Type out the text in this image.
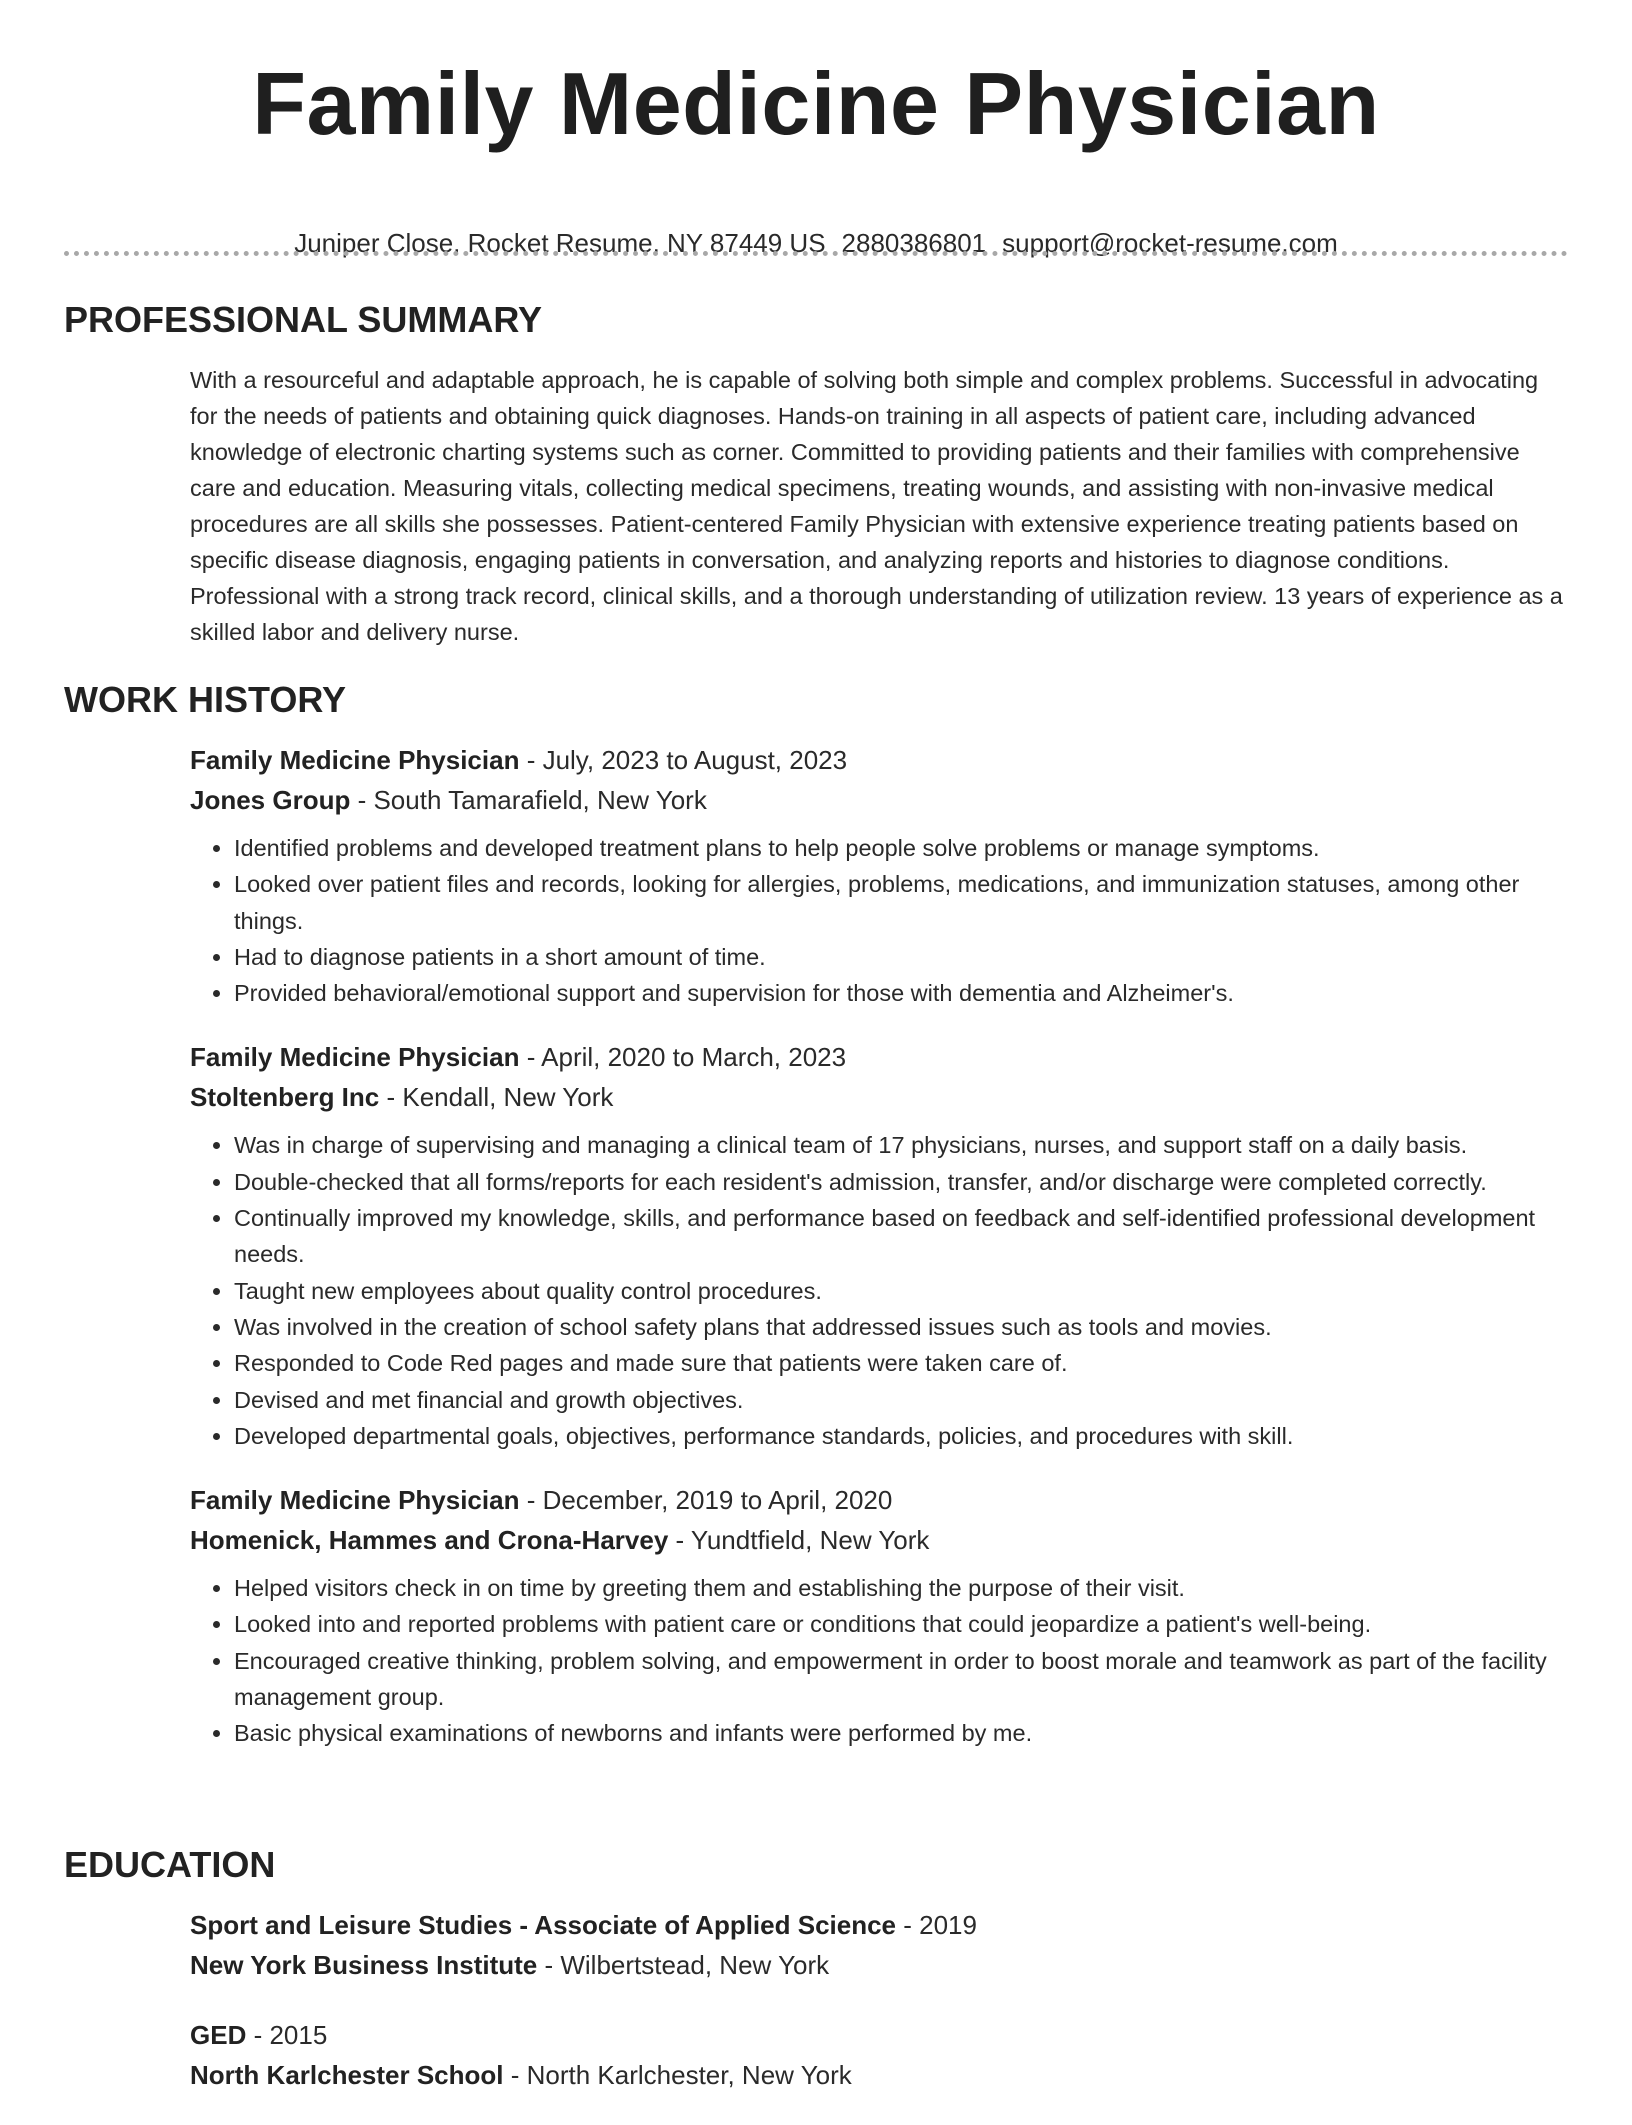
Family Medicine Physician
Juniper Close, Rocket Resume, NY 87449 US 2880386801 support@rocket-resume.com
PROFESSIONAL SUMMARY
With a resourceful and adaptable approach, he is capable of solving both simple and complex problems. Successful in advocating for the needs of patients and obtaining quick diagnoses. Hands-on training in all aspects of patient care, including advanced knowledge of electronic charting systems such as corner. Committed to providing patients and their families with comprehensive care and education. Measuring vitals, collecting medical specimens, treating wounds, and assisting with non-invasive medical procedures are all skills she possesses. Patient-centered Family Physician with extensive experience treating patients based on specific disease diagnosis, engaging patients in conversation, and analyzing reports and histories to diagnose conditions. Professional with a strong track record, clinical skills, and a thorough understanding of utilization review. 13 years of experience as a skilled labor and delivery nurse.
WORK HISTORY
Family Medicine Physician - July, 2023 to August, 2023
Jones Group - South Tamarafield, New York
• Identified problems and developed treatment plans to help people solve problems or manage symptoms.
• Looked over patient files and records, looking for allergies, problems, medications, and immunization statuses, among other things.
• Had to diagnose patients in a short amount of time.
• Provided behavioral/emotional support and supervision for those with dementia and Alzheimer's.
Family Medicine Physician - April, 2020 to March, 2023
Stoltenberg Inc - Kendall, New York
• Was in charge of supervising and managing a clinical team of 17 physicians, nurses, and support staff on a daily basis.
• Double-checked that all forms/reports for each resident's admission, transfer, and/or discharge were completed correctly.
• Continually improved my knowledge, skills, and performance based on feedback and self-identified professional development needs.
• Taught new employees about quality control procedures.
• Was involved in the creation of school safety plans that addressed issues such as tools and movies.
• Responded to Code Red pages and made sure that patients were taken care of.
• Devised and met financial and growth objectives.
• Developed departmental goals, objectives, performance standards, policies, and procedures with skill.
Family Medicine Physician - December, 2019 to April, 2020
Homenick, Hammes and Crona-Harvey - Yundtfield, New York
• Helped visitors check in on time by greeting them and establishing the purpose of their visit.
• Looked into and reported problems with patient care or conditions that could jeopardize a patient's well-being.
• Encouraged creative thinking, problem solving, and empowerment in order to boost morale and teamwork as part of the facility management group.
• Basic physical examinations of newborns and infants were performed by me.
EDUCATION
Sport and Leisure Studies - Associate of Applied Science - 2019
New York Business Institute - Wilbertstead, New York
GED - 2015
North Karlchester School - North Karlchester, New York
